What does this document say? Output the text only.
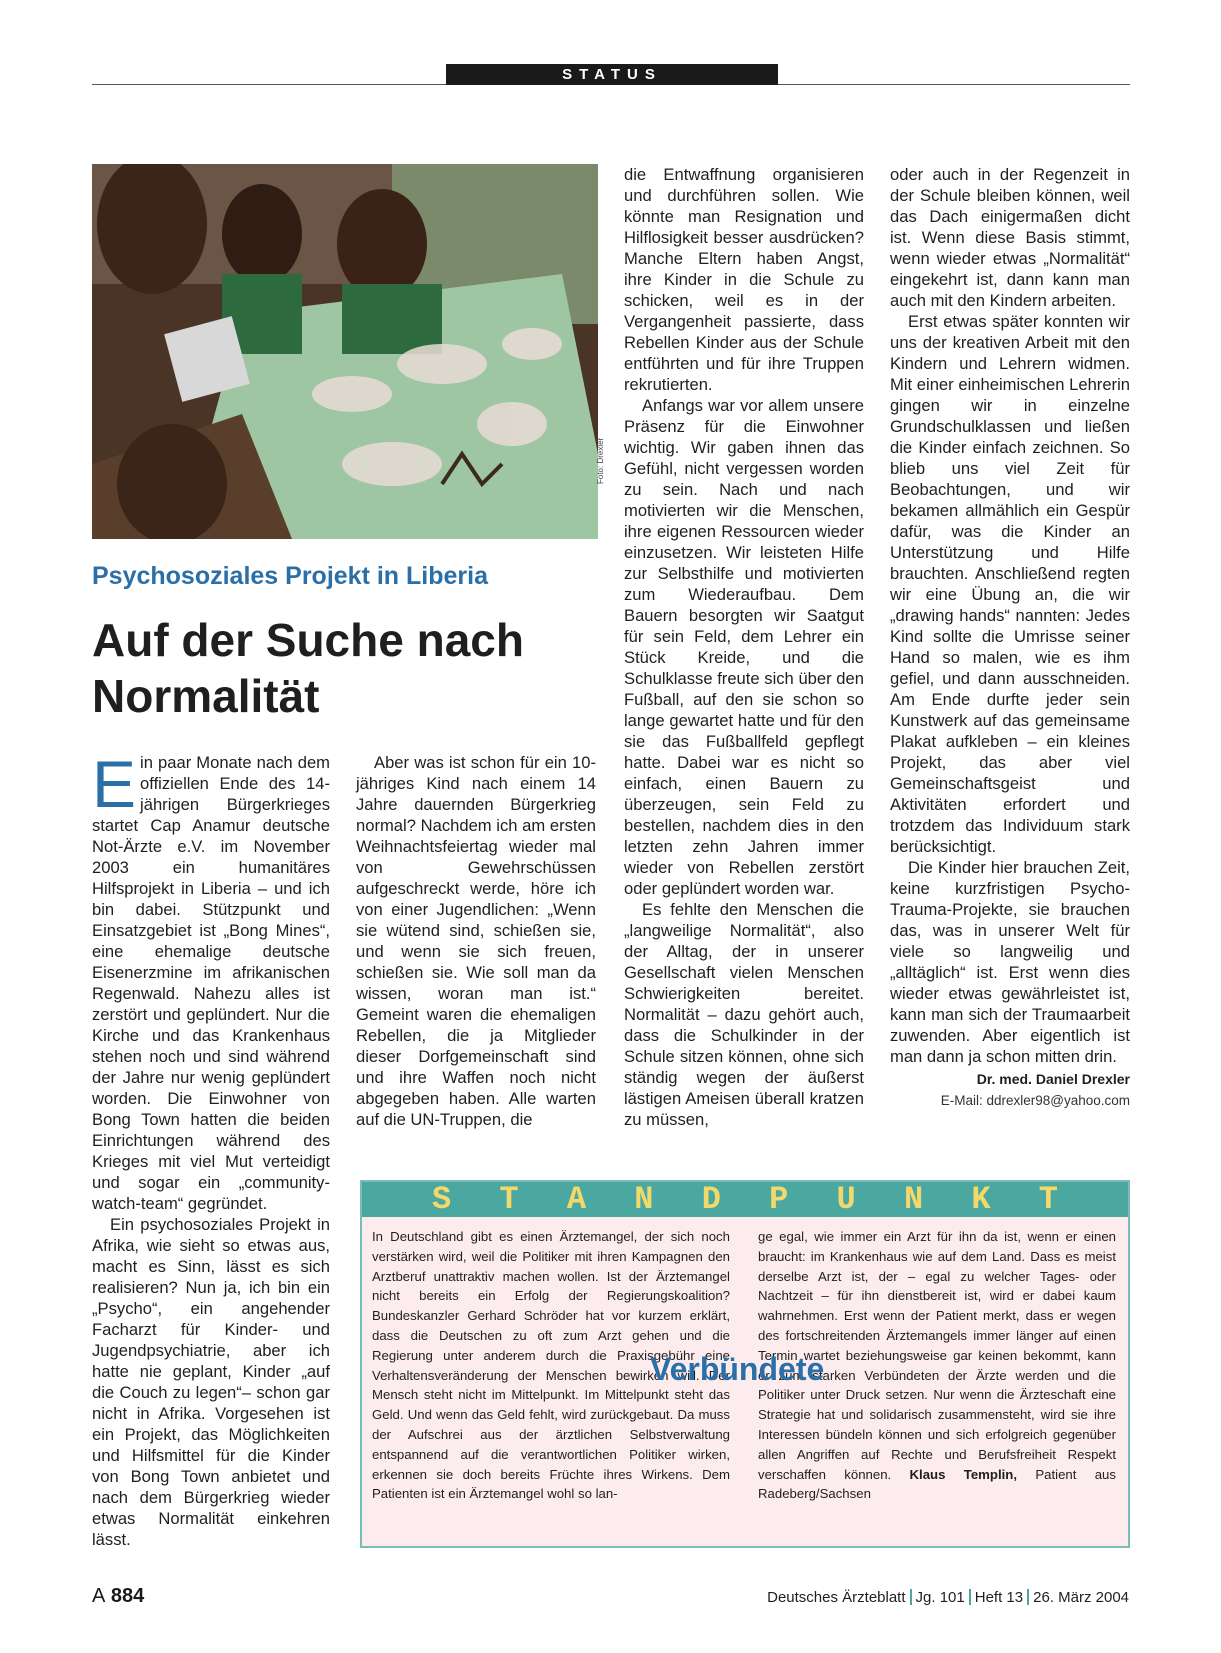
STATUS
Foto: Drexler
Psychosoziales Projekt in Liberia
Auf der Suche nach
Normalität

Ein paar Monate nach dem offiziellen Ende des 14-jährigen Bürgerkrieges startet Cap Anamur deutsche Not-Ärzte e.V. im November 2003 ein humanitäres Hilfsprojekt in Liberia – und ich bin dabei. Stützpunkt und Einsatzgebiet ist „Bong Mines“, eine ehemalige deutsche Eisenerzmine im afrikanischen Regenwald. Nahezu alles ist zerstört und geplündert. Nur die Kirche und das Krankenhaus stehen noch und sind während der Jahre nur wenig geplündert worden. Die Einwohner von Bong Town hatten die beiden Einrichtungen während des Krieges mit viel Mut verteidigt und sogar ein „community-watch-team“ gegründet.

Ein psychosoziales Projekt in Afrika, wie sieht so etwas aus, macht es Sinn, lässt es sich realisieren? Nun ja, ich bin ein „Psycho“, ein angehender Facharzt für Kinder- und Jugendpsychiatrie, aber ich hatte nie geplant, Kinder „auf die Couch zu legen“– schon gar nicht in Afrika. Vorgesehen ist ein Projekt, das Möglichkeiten und Hilfsmittel für die Kinder von Bong Town anbietet und nach dem Bürgerkrieg wieder etwas Normalität einkehren lässt.

Aber was ist schon für ein 10-jähriges Kind nach einem 14 Jahre dauernden Bürgerkrieg normal? Nachdem ich am ersten Weihnachtsfeiertag wieder mal von Gewehrschüssen aufgeschreckt werde, höre ich von einer Jugendlichen: „Wenn sie wütend sind, schießen sie, und wenn sie sich freuen, schießen sie. Wie soll man da wissen, woran man ist.“ Gemeint waren die ehemaligen Rebellen, die ja Mitglieder dieser Dorfgemeinschaft sind und ihre Waffen noch nicht abgegeben haben. Alle warten auf die UN-Truppen, die

die Entwaffnung organisieren und durchführen sollen. Wie könnte man Resignation und Hilflosigkeit besser ausdrücken? Manche Eltern haben Angst, ihre Kinder in die Schule zu schicken, weil es in der Vergangenheit passierte, dass Rebellen Kinder aus der Schule entführten und für ihre Truppen rekrutierten.

Anfangs war vor allem unsere Präsenz für die Einwohner wichtig. Wir gaben ihnen das Gefühl, nicht vergessen worden zu sein. Nach und nach motivierten wir die Menschen, ihre eigenen Ressourcen wieder einzusetzen. Wir leisteten Hilfe zur Selbsthilfe und motivierten zum Wiederaufbau. Dem Bauern besorgten wir Saatgut für sein Feld, dem Lehrer ein Stück Kreide, und die Schulklasse freute sich über den Fußball, auf den sie schon so lange gewartet hatte und für den sie das Fußballfeld gepflegt hatte. Dabei war es nicht so einfach, einen Bauern zu überzeugen, sein Feld zu bestellen, nachdem dies in den letzten zehn Jahren immer wieder von Rebellen zerstört oder geplündert worden war.

Es fehlte den Menschen die „langweilige Normalität“, also der Alltag, der in unserer Gesellschaft vielen Menschen Schwierigkeiten bereitet. Normalität – dazu gehört auch, dass die Schulkinder in der Schule sitzen können, ohne sich ständig wegen der äußerst lästigen Ameisen überall kratzen zu müssen,

oder auch in der Regenzeit in der Schule bleiben können, weil das Dach einigermaßen dicht ist. Wenn diese Basis stimmt, wenn wieder etwas „Normalität“ eingekehrt ist, dann kann man auch mit den Kindern arbeiten.

Erst etwas später konnten wir uns der kreativen Arbeit mit den Kindern und Lehrern widmen. Mit einer einheimischen Lehrerin gingen wir in einzelne Grundschulklassen und ließen die Kinder einfach zeichnen. So blieb uns viel Zeit für Beobachtungen, und wir bekamen allmählich ein Gespür dafür, was die Kinder an Unterstützung und Hilfe brauchten. Anschließend regten wir eine Übung an, die wir „drawing hands“ nannten: Jedes Kind sollte die Umrisse seiner Hand so malen, wie es ihm gefiel, und dann ausschneiden. Am Ende durfte jeder sein Kunstwerk auf das gemeinsame Plakat aufkleben – ein kleines Projekt, das aber viel Gemeinschaftsgeist und Aktivitäten erfordert und trotzdem das Individuum stark berücksichtigt.

Die Kinder hier brauchen Zeit, keine kurzfristigen Psycho-Trauma-Projekte, sie brauchen das, was in unserer Welt für viele so langweilig und „alltäglich“ ist. Erst wenn dies wieder etwas gewährleistet ist, kann man sich der Traumaarbeit zuwenden. Aber eigentlich ist man dann ja schon mitten drin.

Dr. med. Daniel Drexler
E-Mail: ddrexler98@yahoo.com
S T A N D P U N K T
In Deutschland gibt es einen Ärztemangel, der sich noch verstärken wird, weil die Politiker mit ihren Kampagnen den Arztberuf unattraktiv machen wollen. Ist der Ärztemangel nicht bereits ein Erfolg der Regierungskoalition? Bundeskanzler Gerhard Schröder hat vor kurzem erklärt, dass die Deutschen zu oft zum Arzt gehen und die Regierung unter anderem durch die Praxisgebühr eine Verhaltensveränderung der Menschen bewirken will. Der Mensch steht nicht im Mittelpunkt. Im Mittelpunkt steht das Geld. Und wenn das Geld fehlt, wird zurückgebaut. Da muss der Aufschrei aus der ärztlichen Selbstverwaltung entspannend auf die verantwortlichen Politiker wirken, erkennen sie doch bereits Früchte ihres Wirkens. Dem Patienten ist ein Ärztemangel wohl so lan-
ge egal, wie immer ein Arzt für ihn da ist, wenn er einen braucht: im Krankenhaus wie auf dem Land. Dass es meist derselbe Arzt ist, der – egal zu welcher Tages- oder Nachtzeit – für ihn dienstbereit ist, wird er dabei kaum wahrnehmen. Erst wenn der Patient merkt, dass er wegen des fortschreitenden Ärztemangels immer länger auf einen Termin wartet beziehungsweise gar keinen bekommt, kann er zum starken Verbündeten der Ärzte werden und die Politiker unter Druck setzen. Nur wenn die Ärzteschaft eine Strategie hat und solidarisch zusammensteht, wird sie ihre Interessen bündeln können und sich erfolgreich gegenüber allen Angriffen auf Rechte und Berufsfreiheit Respekt verschaffen können. Klaus Templin, Patient aus Radeberg/Sachsen
Verbündete
A 884	Deutsches Ärzteblatt Jg. 101 Heft 13 26. März 2004
